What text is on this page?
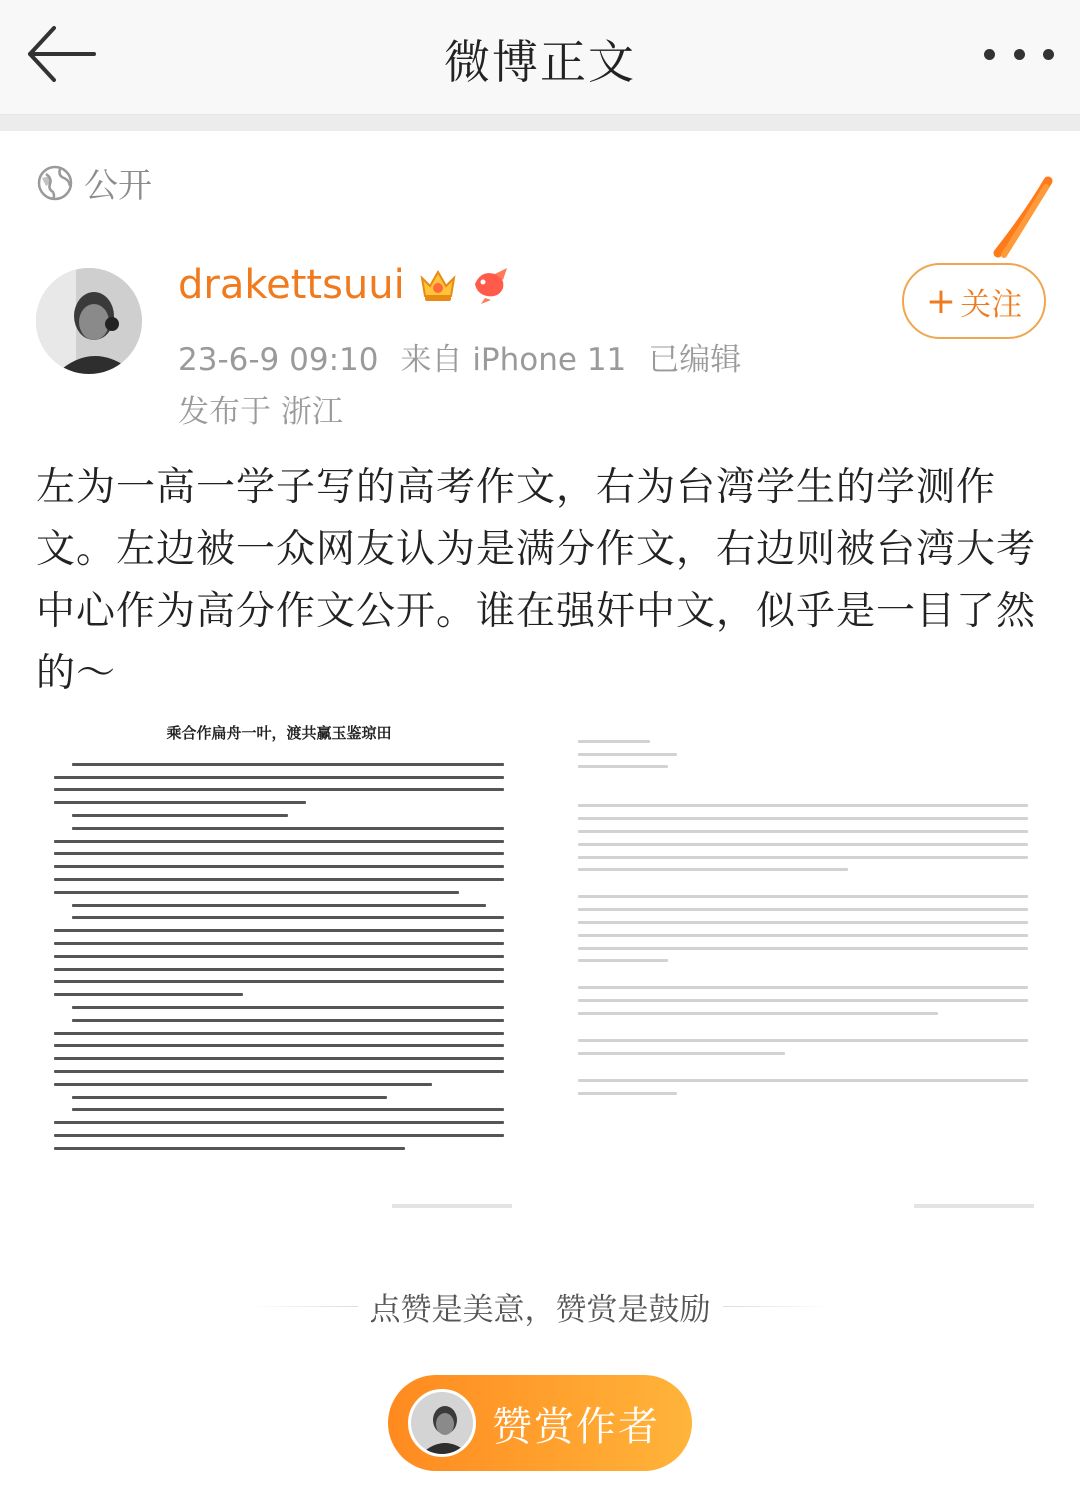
微博正文
公开
drakettsuui
23-6-9 09:10 来自 iPhone 11 已编辑
发布于 浙江
+ 关注
左为一高一学子写的高考作文，右为台湾学生的学测作文。左边被一众网友认为是满分作文，右边则被台湾大考中心作为高分作文公开。谁在强奸中文，似乎是一目了然的～
乘合作扁舟一叶，渡共赢玉鉴琼田
点赞是美意，赞赏是鼓励
赞赏作者
